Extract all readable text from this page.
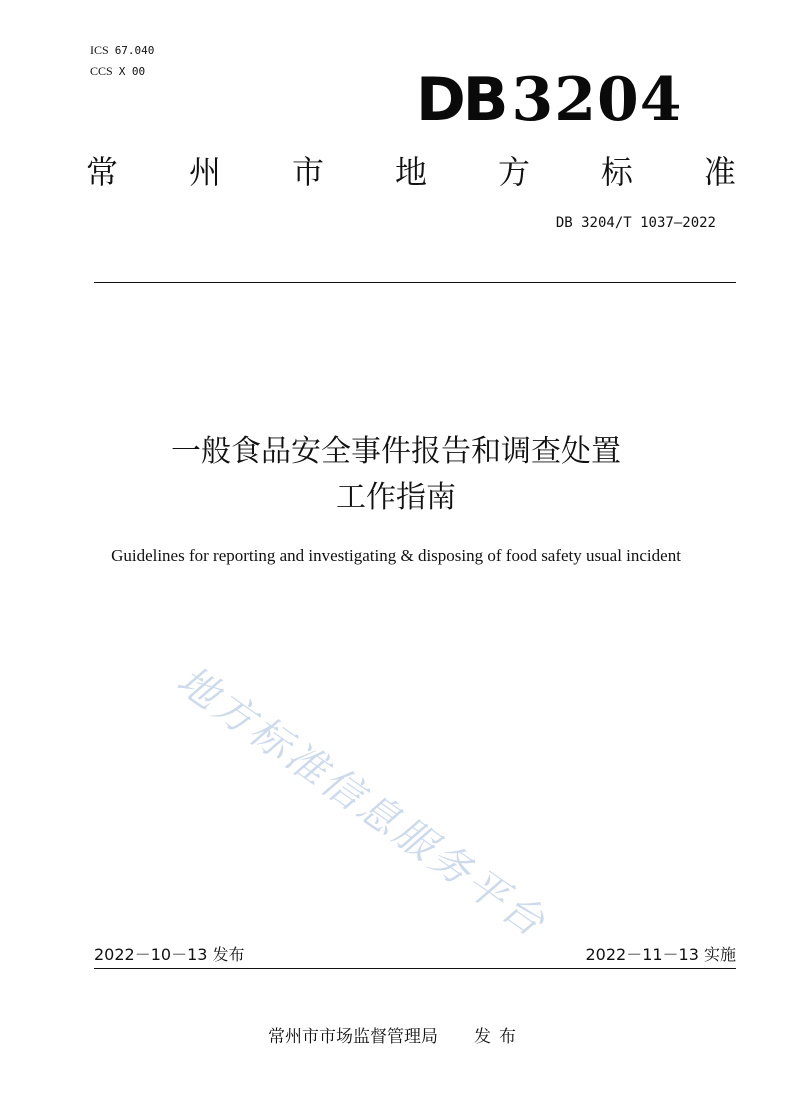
ICS 67.040
CCS X 00	DB 3204
常 州 市 地 方 标 准
DB 3204/T 1037—2022
一般食品安全事件报告和调查处置
工作指南
Guidelines for reporting and investigating & disposing of food safety usual incident
地方标准信息服务平台
2022－10－13 发布	2022－11－13 实施
常州市市场监督管理局 发布
